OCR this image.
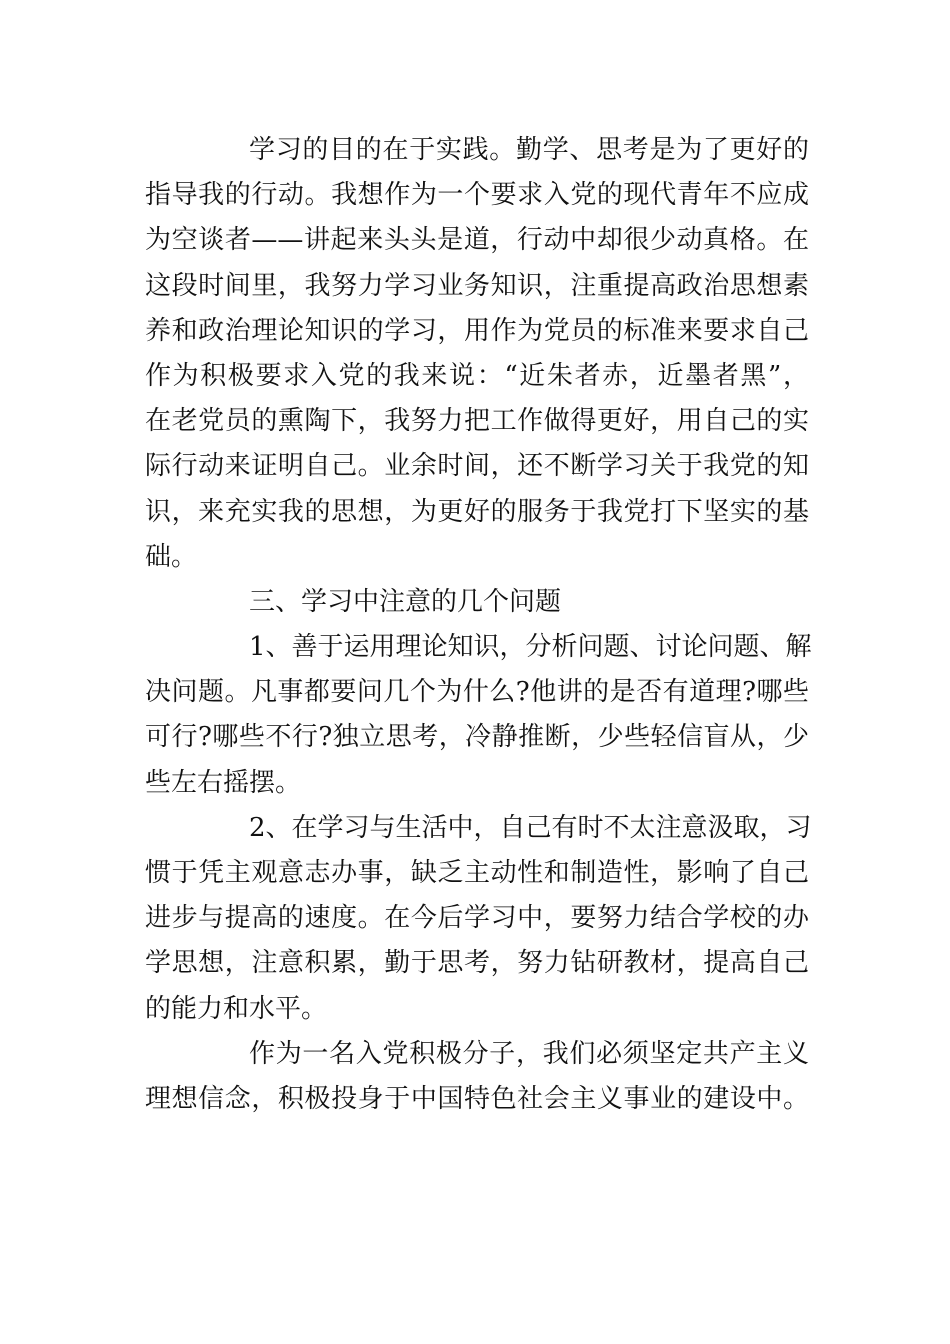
学习的目的在于实践。勤学、思考是为了更好的
指导我的行动。我想作为一个要求入党的现代青年不应成
为空谈者——讲起来头头是道，行动中却很少动真格。在
这段时间里，我努力学习业务知识，注重提高政治思想素
养和政治理论知识的学习，用作为党员的标准来要求自己
作为积极要求入党的我来说：“近朱者赤，近墨者黑”，
在老党员的熏陶下，我努力把工作做得更好，用自己的实
际行动来证明自己。业余时间，还不断学习关于我党的知
识，来充实我的思想，为更好的服务于我党打下坚实的基
础。
三、学习中注意的几个问题
1、善于运用理论知识，分析问题、讨论问题、解
决问题。凡事都要问几个为什么?他讲的是否有道理?哪些
可行?哪些不行?独立思考，冷静推断，少些轻信盲从，少
些左右摇摆。
2、在学习与生活中，自己有时不太注意汲取，习
惯于凭主观意志办事，缺乏主动性和制造性，影响了自己
进步与提高的速度。在今后学习中，要努力结合学校的办
学思想，注意积累，勤于思考，努力钻研教材，提高自己
的能力和水平。
作为一名入党积极分子，我们必须坚定共产主义
理想信念，积极投身于中国特色社会主义事业的建设中。
